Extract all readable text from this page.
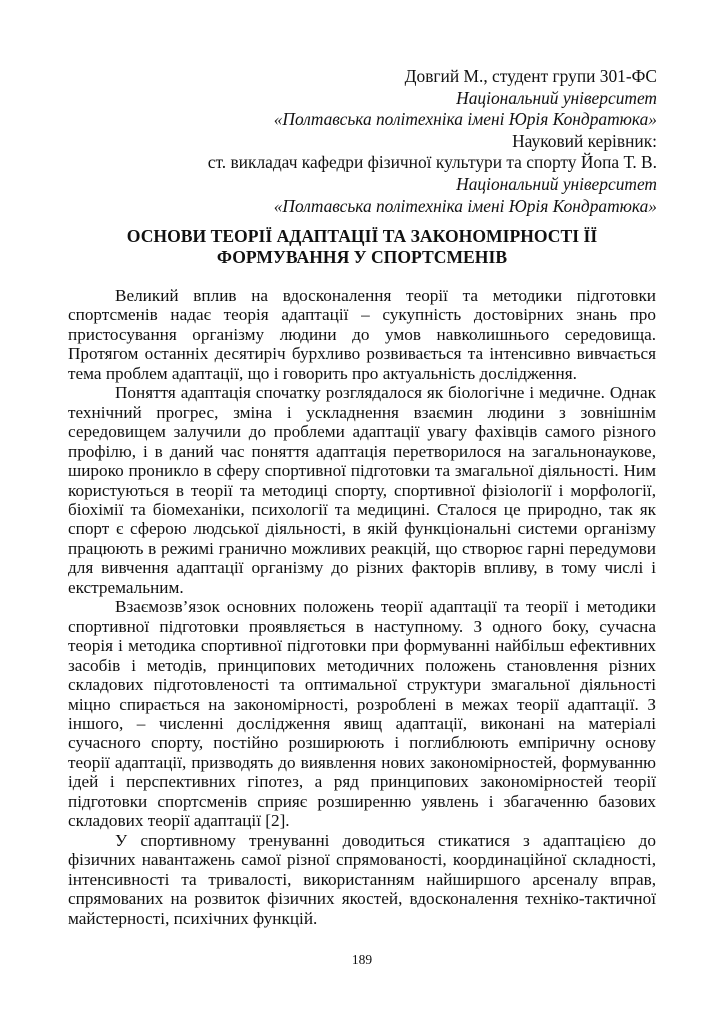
Довгий М., студент групи 301-ФС
Національний університет
«Полтавська політехніка імені Юрія Кондратюка»
Науковий керівник:
ст. викладач кафедри фізичної культури та спорту Йопа Т. В.
Національний університет
«Полтавська політехніка імені Юрія Кондратюка»
ОСНОВИ ТЕОРІЇ АДАПТАЦІЇ ТА ЗАКОНОМІРНОСТІ ЇЇ
ФОРМУВАННЯ У СПОРТСМЕНІВ

Великий вплив на вдосконалення теорії та методики підготовки
спортсменів надає теорія адаптації – сукупність достовірних знань про
пристосування організму людини до умов навколишнього середовища.
Протягом останніх десятиріч бурхливо розвивається та інтенсивно вивчається
тема проблем адаптації, що і говорить про актуальність дослідження.

Поняття адаптація спочатку розглядалося як біологічне і медичне. Однак
технічний прогрес, зміна і ускладнення взаємин людини з зовнішнім
середовищем залучили до проблеми адаптації увагу фахівців самого різного
профілю, і в даний час поняття адаптація перетворилося на загальнонаукове,
широко проникло в сферу спортивної підготовки та змагальної діяльності. Ним
користуються в теорії та методиці спорту, спортивної фізіології і морфології,
біохімії та біомеханіки, психології та медицині. Сталося це природно, так як
спорт є сферою людської діяльності, в якій функціональні системи організму
працюють в режимі гранично можливих реакцій, що створює гарні передумови
для вивчення адаптації організму до різних факторів впливу, в тому числі і
екстремальним.

Взаємозв’язок основних положень теорії адаптації та теорії і методики
спортивної підготовки проявляється в наступному. З одного боку, сучасна
теорія і методика спортивної підготовки при формуванні найбільш ефективних
засобів і методів, принципових методичних положень становлення різних
складових підготовленості та оптимальної структури змагальної діяльності
міцно спирається на закономірності, розроблені в межах теорії адаптації. З
іншого, – численні дослідження явищ адаптації, виконані на матеріалі
сучасного спорту, постійно розширюють і поглиблюють емпіричну основу
теорії адаптації, призводять до виявлення нових закономірностей, формуванню
ідей і перспективних гіпотез, а ряд принципових закономірностей теорії
підготовки спортсменів сприяє розширенню уявлень і збагаченню базових
складових теорії адаптації [2].

У спортивному тренуванні доводиться стикатися з адаптацією до
фізичних навантажень самої різної спрямованості, координаційної складності,
інтенсивності та тривалості, використанням найширшого арсеналу вправ,
спрямованих на розвиток фізичних якостей, вдосконалення техніко-тактичної
майстерності, психічних функцій.

189
